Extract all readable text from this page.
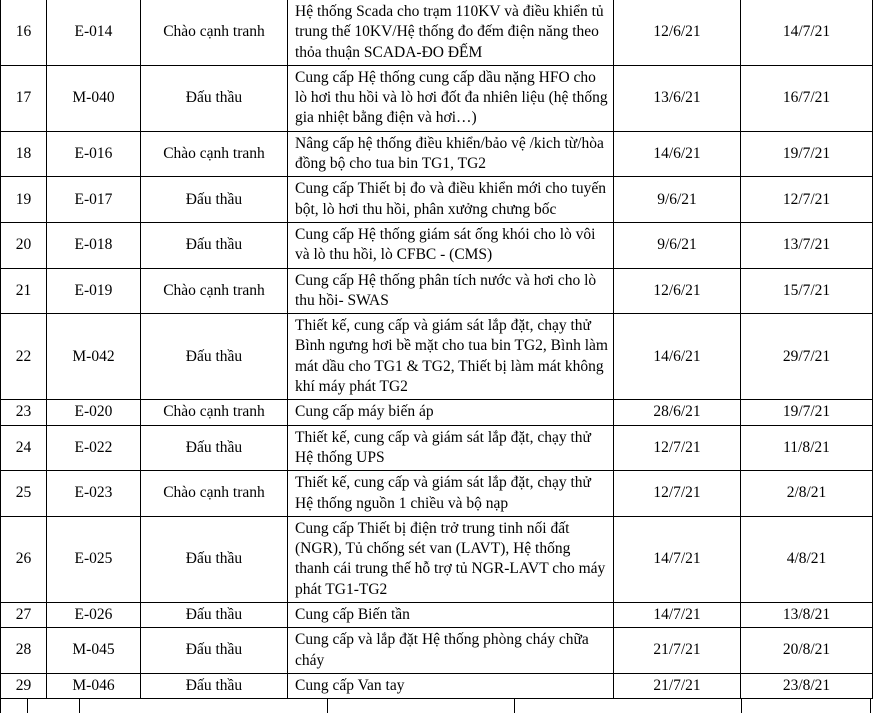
16	E-014	Chào cạnh tranh	Hệ thống Scada cho trạm 110KV và điều khiển tủ trung thế 10KV/Hệ thống đo đếm điện năng theo thỏa thuận SCADA-ĐO ĐẾM	12/6/21	14/7/21
17	M-040	Đấu thầu	Cung cấp Hệ thống cung cấp dầu nặng HFO cho lò hơi thu hồi và lò hơi đốt đa nhiên liệu (hệ thống gia nhiệt bằng điện và hơi…)	13/6/21	16/7/21
18	E-016	Chào cạnh tranh	Nâng cấp hệ thống điều khiển/bảo vệ /kich từ/hòa đồng bộ cho tua bin TG1, TG2	14/6/21	19/7/21
19	E-017	Đấu thầu	Cung cấp Thiết bị đo và điều khiển mới cho tuyến bột, lò hơi thu hồi, phân xưởng chưng bốc	9/6/21	12/7/21
20	E-018	Đấu thầu	Cung cấp Hệ thống giám sát ống khói cho lò vôi và lò thu hồi, lò CFBC - (CMS)	9/6/21	13/7/21
21	E-019	Chào cạnh tranh	Cung cấp Hệ thống phân tích nước và hơi cho lò thu hồi- SWAS	12/6/21	15/7/21
22	M-042	Đấu thầu	Thiết kế, cung cấp và giám sát lắp đặt, chạy thử Bình ngưng hơi bề mặt cho tua bin TG2, Bình làm mát dầu cho TG1 & TG2, Thiết bị làm mát không khí máy phát TG2	14/6/21	29/7/21
23	E-020	Chào cạnh tranh	Cung cấp máy biến áp	28/6/21	19/7/21
24	E-022	Đấu thầu	Thiết kế, cung cấp và giám sát lắp đặt, chạy thử Hệ thống UPS	12/7/21	11/8/21
25	E-023	Chào cạnh tranh	Thiết kế, cung cấp và giám sát lắp đặt, chạy thử Hệ thống nguồn 1 chiều và bộ nạp	12/7/21	2/8/21
26	E-025	Đấu thầu	Cung cấp Thiết bị điện trở trung tinh nối đất (NGR), Tủ chống sét van (LAVT), Hệ thống thanh cái trung thế hỗ trợ tủ NGR-LAVT cho máy phát TG1-TG2	14/7/21	4/8/21
27	E-026	Đấu thầu	Cung cấp Biến tần	14/7/21	13/8/21
28	M-045	Đấu thầu	Cung cấp và lắp đặt Hệ thống phòng cháy chữa cháy	21/7/21	20/8/21
29	M-046	Đấu thầu	Cung cấp Van tay	21/7/21	23/8/21
